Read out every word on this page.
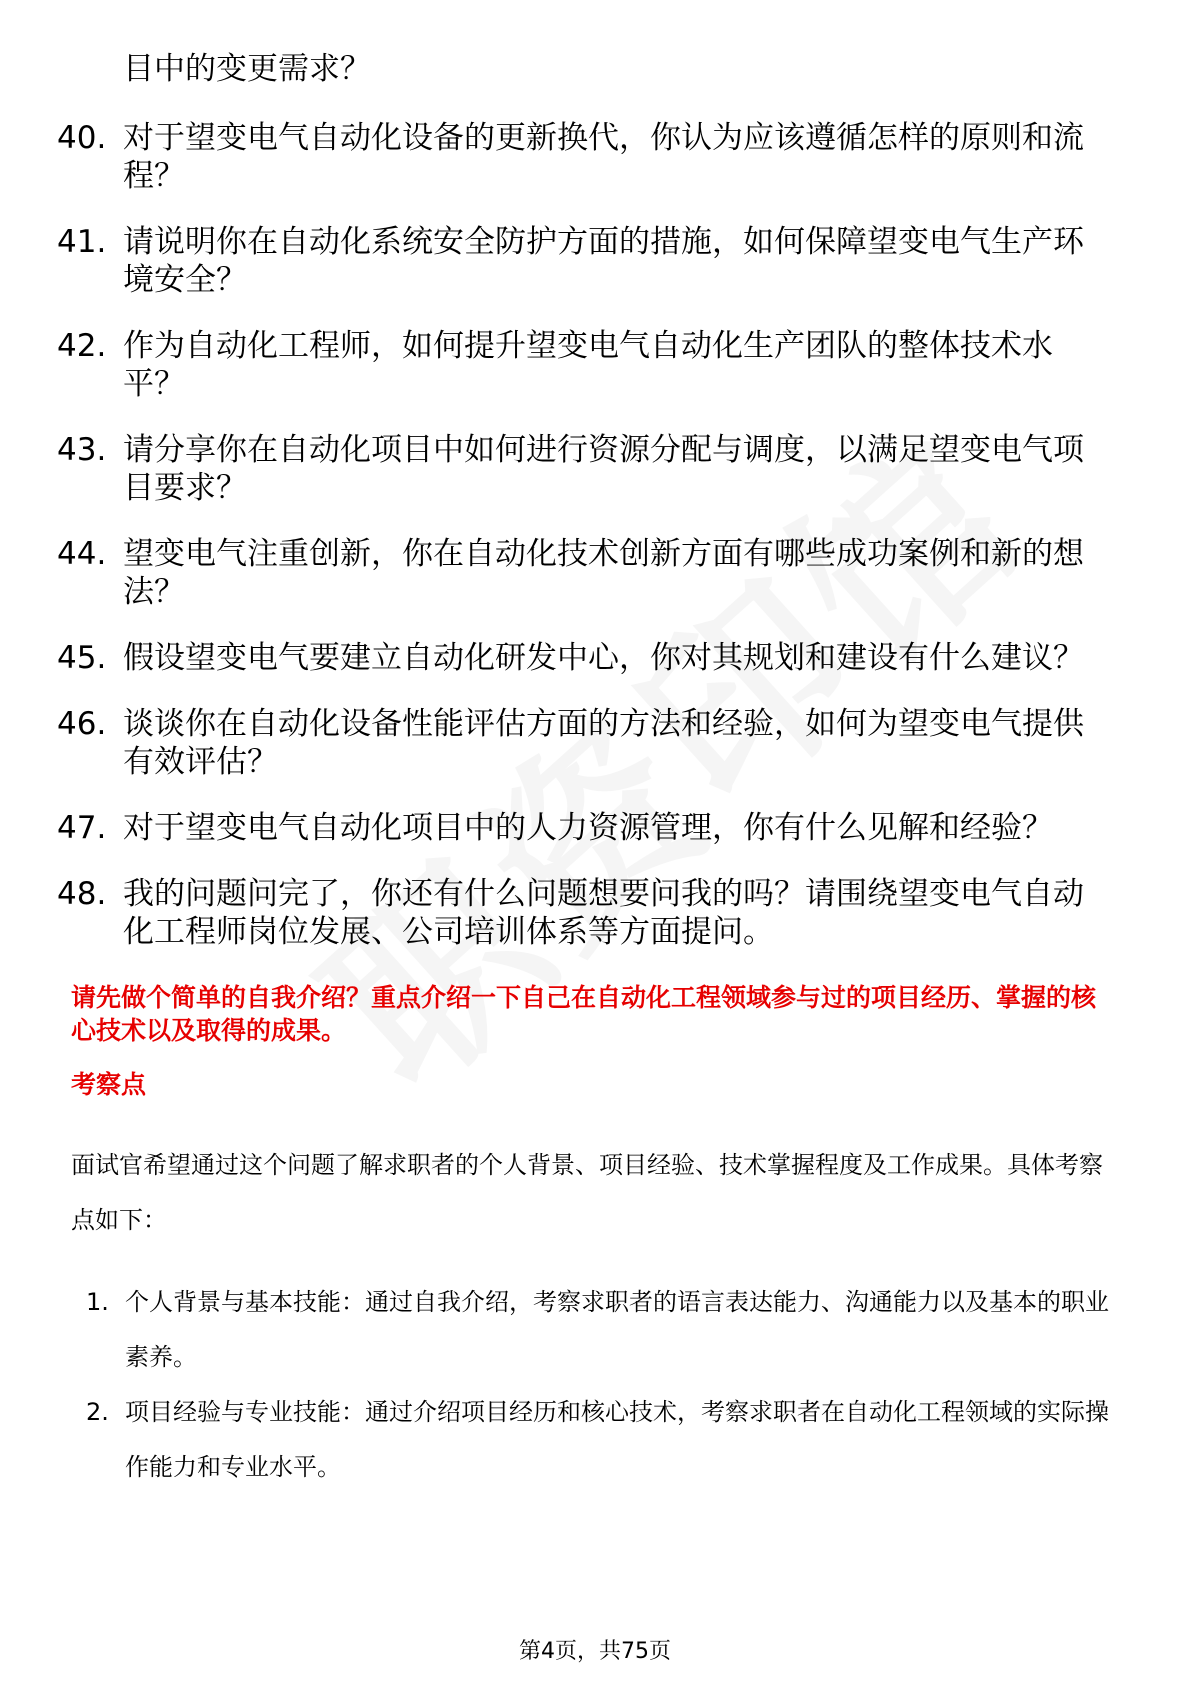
目中的变更需求？
40. 对于望变电气自动化设备的更新换代，你认为应该遵循怎样的原则和流程？
41. 请说明你在自动化系统安全防护方面的措施，如何保障望变电气生产环境安全？
42. 作为自动化工程师，如何提升望变电气自动化生产团队的整体技术水平？
43. 请分享你在自动化项目中如何进行资源分配与调度，以满足望变电气项目要求？
44. 望变电气注重创新，你在自动化技术创新方面有哪些成功案例和新的想法？
45. 假设望变电气要建立自动化研发中心，你对其规划和建设有什么建议？
46. 谈谈你在自动化设备性能评估方面的方法和经验，如何为望变电气提供有效评估？
47. 对于望变电气自动化项目中的人力资源管理，你有什么见解和经验？
48. 我的问题问完了，你还有什么问题想要问我的吗？请围绕望变电气自动化工程师岗位发展、公司培训体系等方面提问。
请先做个简单的自我介绍？重点介绍一下自己在自动化工程领域参与过的项目经历、掌握的核心技术以及取得的成果。
考察点
面试官希望通过这个问题了解求职者的个人背景、项目经验、技术掌握程度及工作成果。具体考察点如下：
1. 个人背景与基本技能：通过自我介绍，考察求职者的语言表达能力、沟通能力以及基本的职业素养。
2. 项目经验与专业技能：通过介绍项目经历和核心技术，考察求职者在自动化工程领域的实际操作能力和专业水平。
第4页，共75页
